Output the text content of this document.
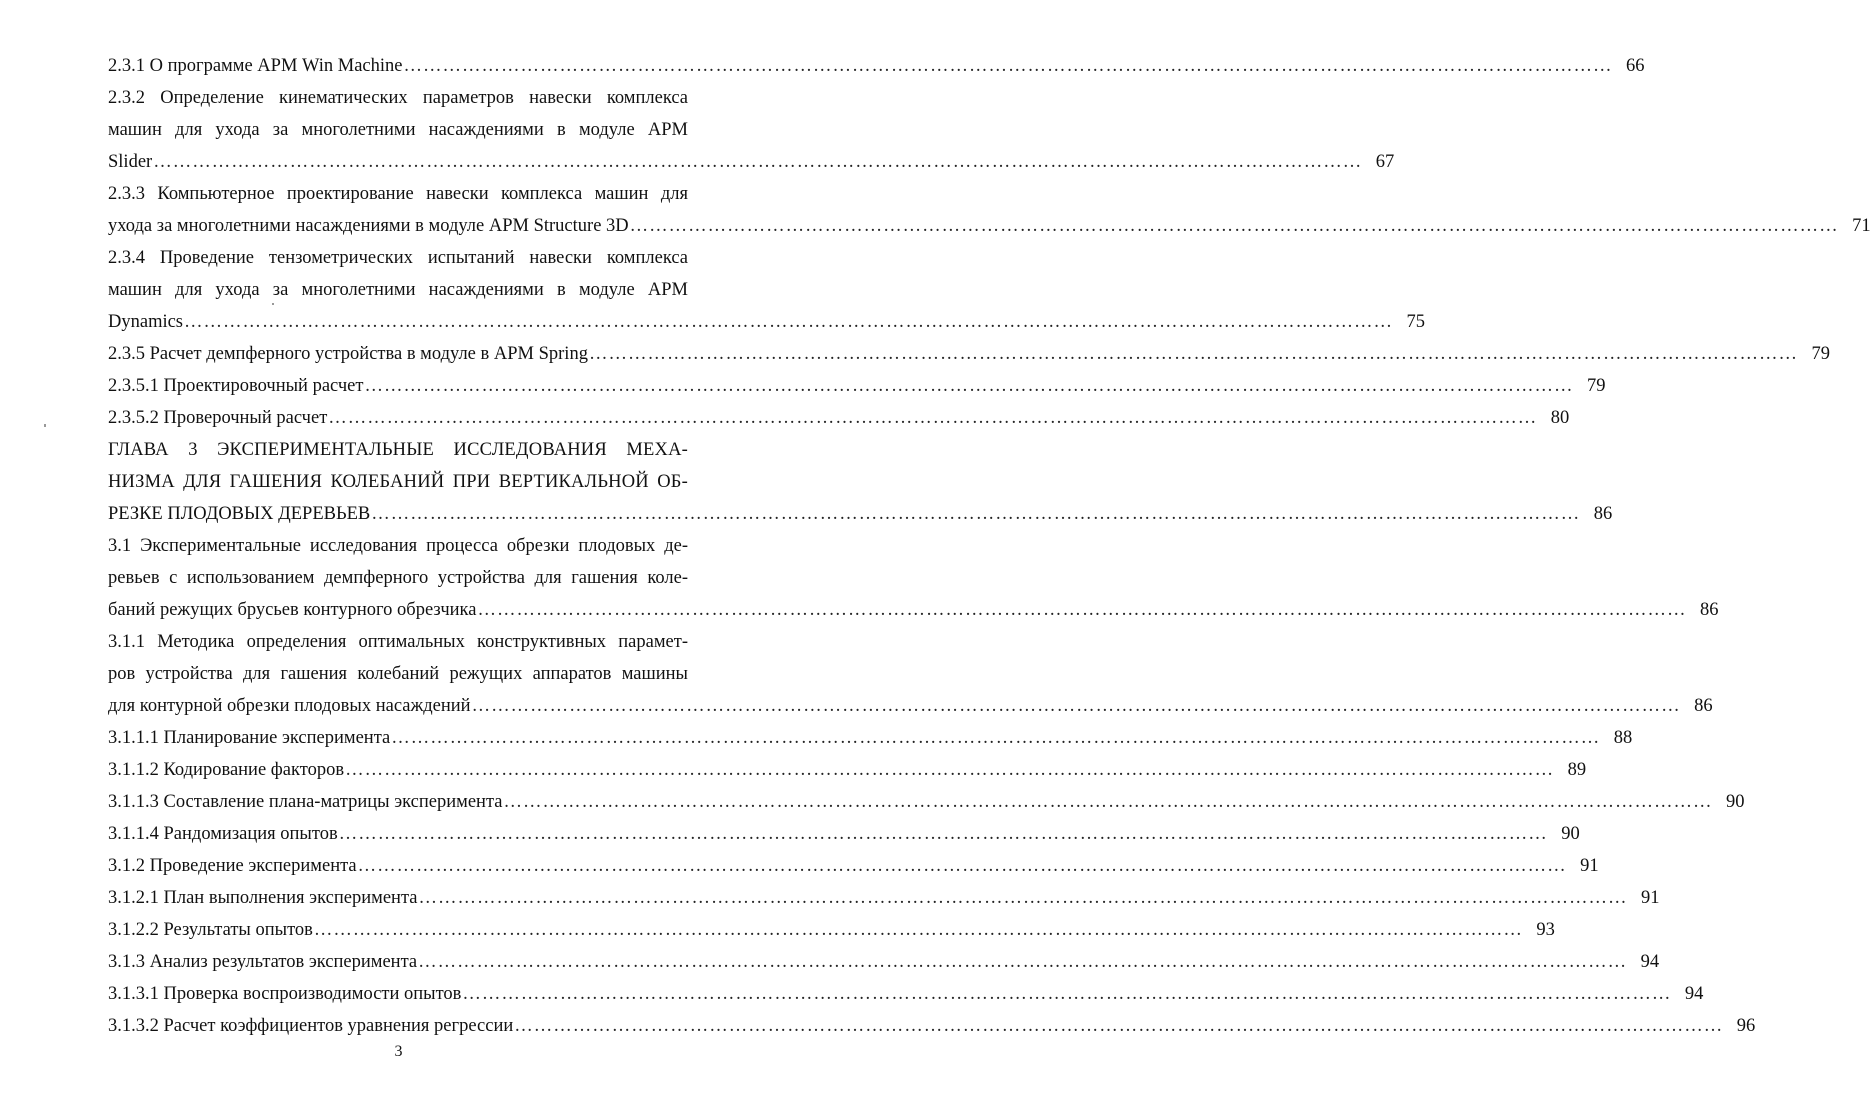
2.3.1 О программе АРМ Win Machine ……………………………………………………………………………………………………………………………………………………………………	66
2.3.2 Определение кинематических параметров навески комплекса
машин для ухода за многолетними насаждениями в модуле АРМ
Slider ……………………………………………………………………………………………………………………………………………………………………	67
2.3.3 Компьютерное проектирование навески комплекса машин для
ухода за многолетними насаждениями в модуле АРМ Structure 3D ……………………………………………………………………………………………………………………………………………………………………	71
2.3.4 Проведение тензометрических испытаний навески комплекса
машин для ухода за многолетними насаждениями в модуле АРМ
Dynamics ……………………………………………………………………………………………………………………………………………………………………	75
2.3.5 Расчет демпферного устройства в модуле в АРМ Spring ……………………………………………………………………………………………………………………………………………………………………	79
2.3.5.1 Проектировочный расчет ……………………………………………………………………………………………………………………………………………………………………	79
2.3.5.2 Проверочный расчет ……………………………………………………………………………………………………………………………………………………………………	80
ГЛАВА 3 ЭКСПЕРИМЕНТАЛЬНЫЕ ИССЛЕДОВАНИЯ МЕХА-
НИЗМА ДЛЯ ГАШЕНИЯ КОЛЕБАНИЙ ПРИ ВЕРТИКАЛЬНОЙ ОБ-
РЕЗКЕ ПЛОДОВЫХ ДЕРЕВЬЕВ ……………………………………………………………………………………………………………………………………………………………………	86
3.1 Экспериментальные исследования процесса обрезки плодовых де-
ревьев с использованием демпферного устройства для гашения коле-
баний режущих брусьев контурного обрезчика ……………………………………………………………………………………………………………………………………………………………………	86
3.1.1 Методика определения оптимальных конструктивных парамет-
ров устройства для гашения колебаний режущих аппаратов машины
для контурной обрезки плодовых насаждений ……………………………………………………………………………………………………………………………………………………………………	86
3.1.1.1 Планирование эксперимента ……………………………………………………………………………………………………………………………………………………………………	88
3.1.1.2 Кодирование факторов ……………………………………………………………………………………………………………………………………………………………………	89
3.1.1.3 Составление плана-матрицы эксперимента ……………………………………………………………………………………………………………………………………………………………………	90
3.1.1.4 Рандомизация опытов ……………………………………………………………………………………………………………………………………………………………………	90
3.1.2 Проведение эксперимента ……………………………………………………………………………………………………………………………………………………………………	91
3.1.2.1 План выполнения эксперимента ……………………………………………………………………………………………………………………………………………………………………	91
3.1.2.2 Результаты опытов ……………………………………………………………………………………………………………………………………………………………………	93
3.1.3 Анализ результатов эксперимента ……………………………………………………………………………………………………………………………………………………………………	94
3.1.3.1 Проверка воспроизводимости опытов ……………………………………………………………………………………………………………………………………………………………………	94
3.1.3.2 Расчет коэффициентов уравнения регрессии ……………………………………………………………………………………………………………………………………………………………………	96
3
